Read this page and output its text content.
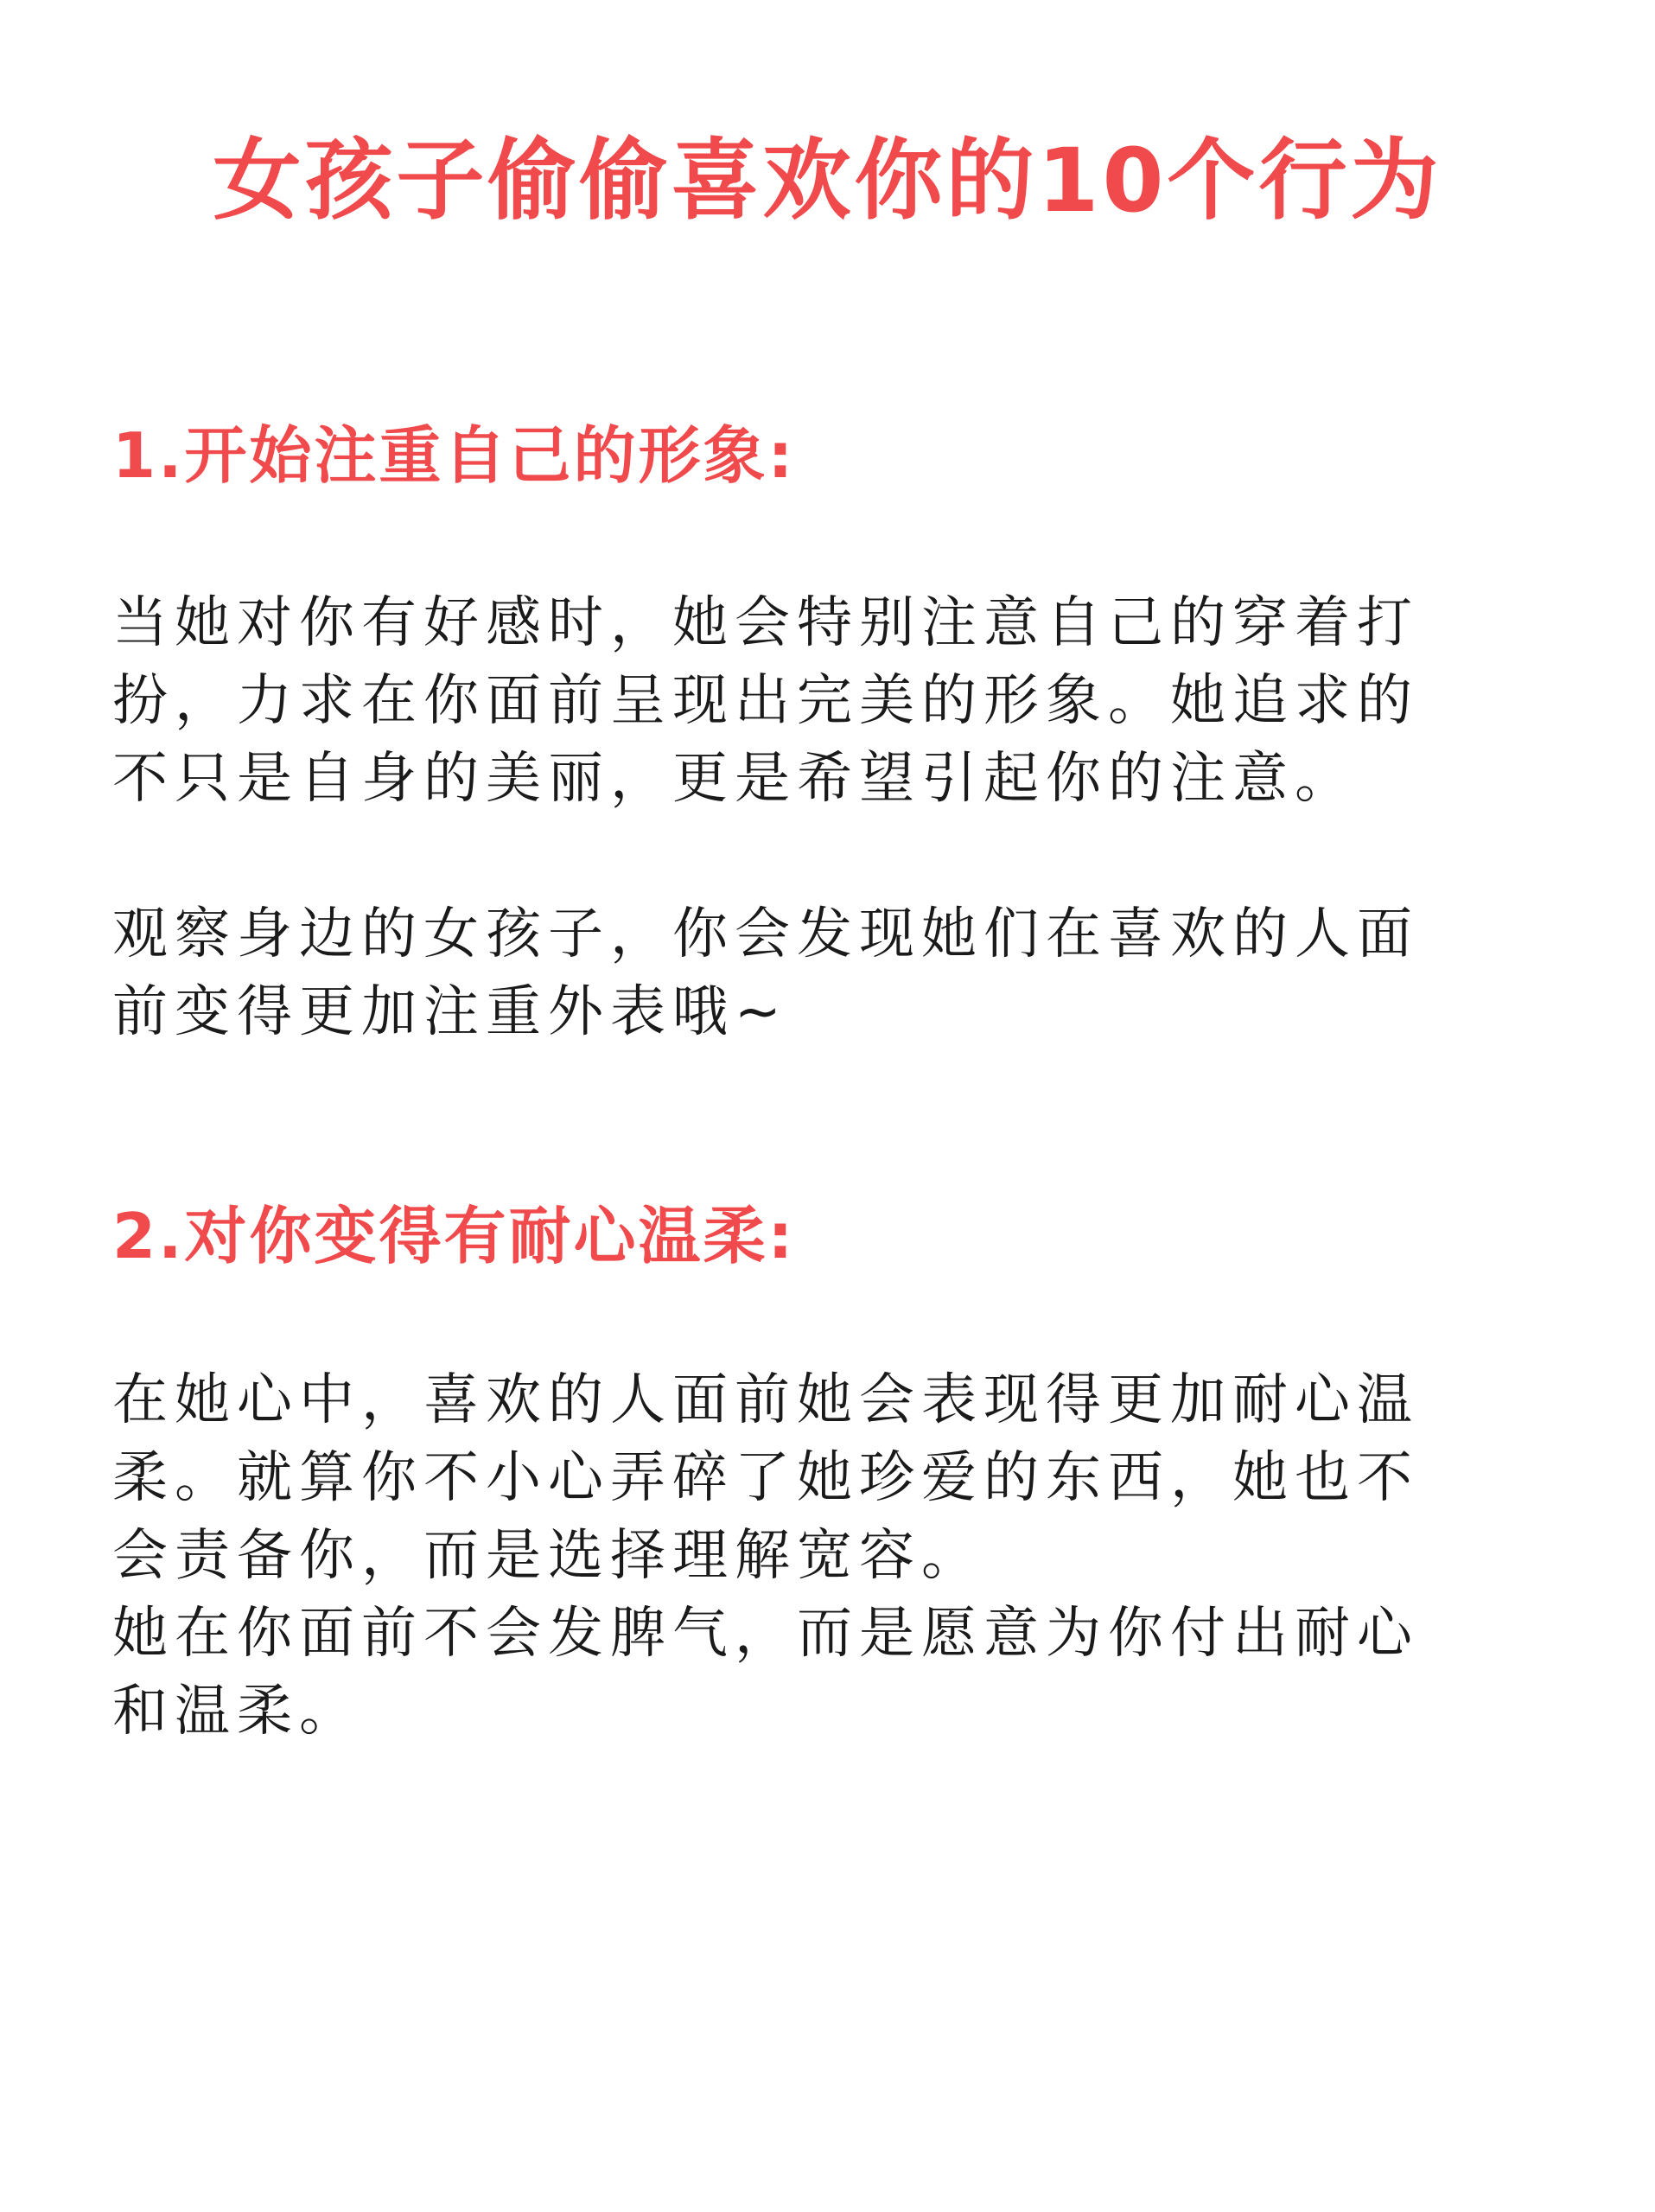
女孩子偷偷喜欢你的10个行为
1.开始注重自己的形象:
当她对你有好感时，她会特别注意自己的穿着打
扮，力求在你面前呈现出完美的形象。她追求的
不只是自身的美丽，更是希望引起你的注意。
观察身边的女孩子，你会发现她们在喜欢的人面
前变得更加注重外表哦~
2.对你变得有耐心温柔:
在她心中，喜欢的人面前她会表现得更加耐心温
柔。就算你不小心弄碎了她珍爱的东西，她也不
会责备你，而是选择理解宽容。
她在你面前不会发脾气，而是愿意为你付出耐心
和温柔。
